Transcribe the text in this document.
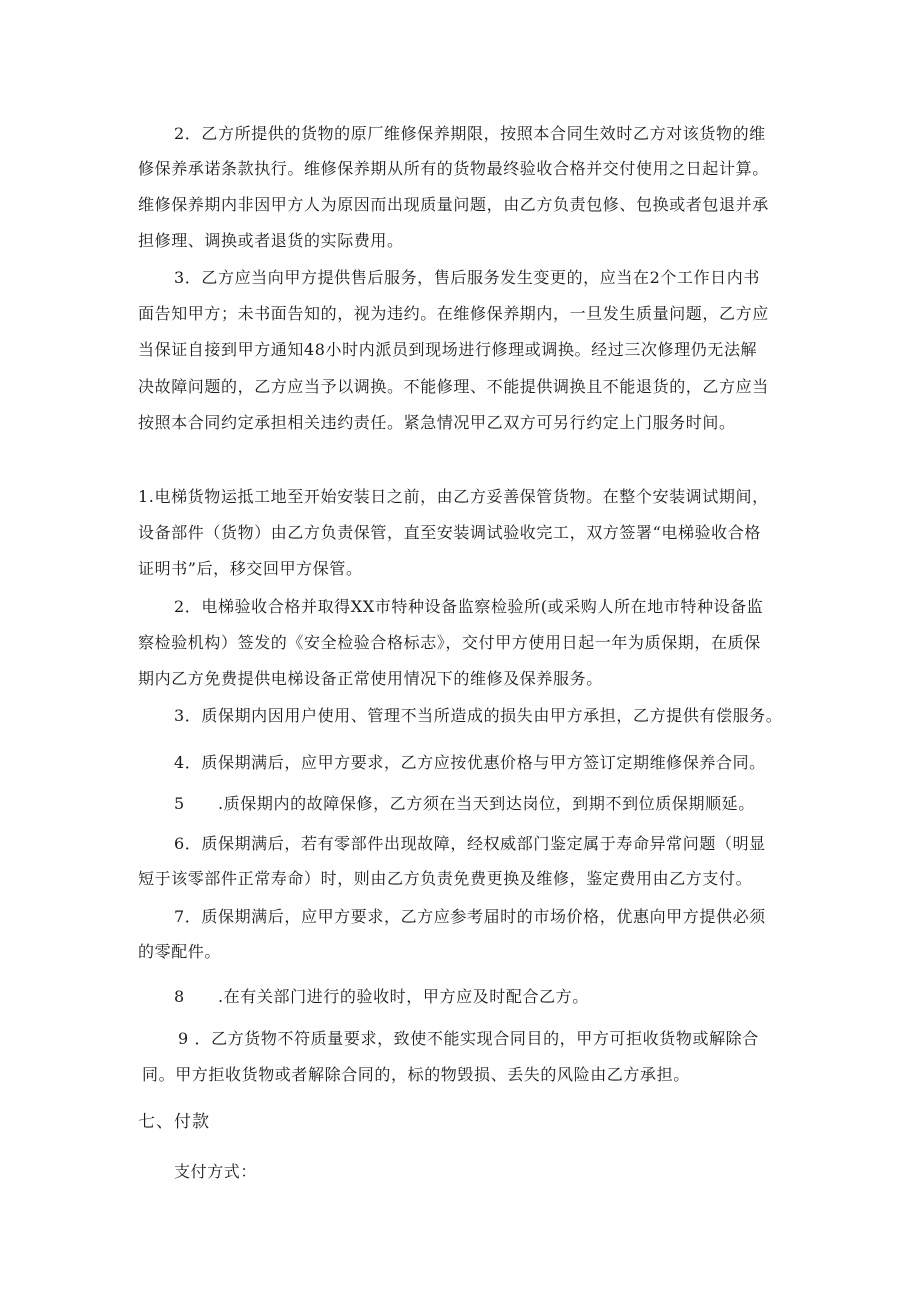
2．乙方所提供的货物的原厂维修保养期限，按照本合同生效时乙方对该货物的维
修保养承诺条款执行。维修保养期从所有的货物最终验收合格并交付使用之日起计算。
维修保养期内非因甲方人为原因而出现质量问题，由乙方负责包修、包换或者包退并承
担修理、调换或者退货的实际费用。
3．乙方应当向甲方提供售后服务，售后服务发生变更的，应当在2个工作日内书
面告知甲方；未书面告知的，视为违约。在维修保养期内，一旦发生质量问题，乙方应
当保证自接到甲方通知48小时内派员到现场进行修理或调换。经过三次修理仍无法解
决故障问题的，乙方应当予以调换。不能修理、不能提供调换且不能退货的，乙方应当
按照本合同约定承担相关违约责任。紧急情况甲乙双方可另行约定上门服务时间。
1.电梯货物运抵工地至开始安装日之前，由乙方妥善保管货物。在整个安装调试期间，
设备部件（货物）由乙方负责保管，直至安装调试验收完工，双方签署“电梯验收合格
证明书”后，移交回甲方保管。
2．电梯验收合格并取得XX市特种设备监察检验所(或采购人所在地市特种设备监
察检验机构）签发的《安全检验合格标志》，交付甲方使用日起一年为质保期，在质保
期内乙方免费提供电梯设备正常使用情况下的维修及保养服务。
3．质保期内因用户使用、管理不当所造成的损失由甲方承担，乙方提供有偿服务。
4．质保期满后，应甲方要求，乙方应按优惠价格与甲方签订定期维修保养合同。
5 .质保期内的故障保修，乙方须在当天到达岗位，到期不到位质保期顺延。
6．质保期满后，若有零部件出现故障，经权威部门鉴定属于寿命异常问题（明显
短于该零部件正常寿命）时，则由乙方负责免费更换及维修，鉴定费用由乙方支付。
7．质保期满后，应甲方要求，乙方应参考届时的市场价格，优惠向甲方提供必须
的零配件。
8 .在有关部门进行的验收时，甲方应及时配合乙方。
9 ．乙方货物不符质量要求，致使不能实现合同目的，甲方可拒收货物或解除合
同。甲方拒收货物或者解除合同的，标的物毁损、丢失的风险由乙方承担。
七、付款
支付方式：
